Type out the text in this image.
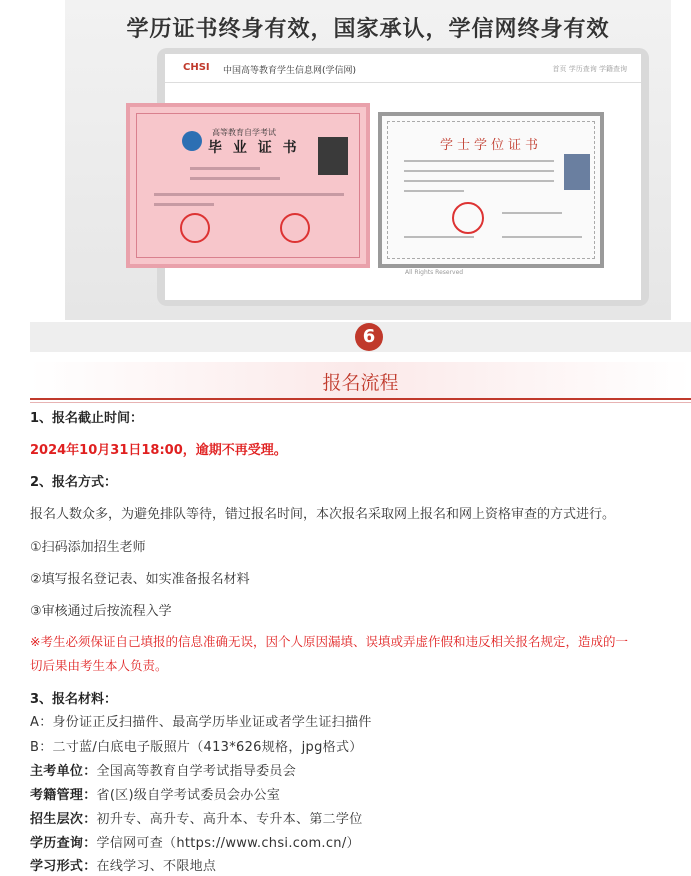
学历证书终身有效，国家承认，学信网终身有效
CHSI 中国高等教育学生信息网(学信网)	首页 学历查询 学籍查询
All Rights Reserved
高等教育自学考试
毕 业 证 书	学士学位证书
6
报名流程
1、报名截止时间：
2024年10月31日18:00，逾期不再受理。
2、报名方式：
报名人数众多，为避免排队等待，错过报名时间，本次报名采取网上报名和网上资格审查的方式进行。
①扫码添加招生老师
②填写报名登记表、如实准备报名材料
③审核通过后按流程入学
※考生必须保证自己填报的信息准确无误，因个人原因漏填、误填或弄虚作假和违反相关报名规定，造成的一
切后果由考生本人负责。
3、报名材料：
A：身份证正反扫描件、最高学历毕业证或者学生证扫描件
B：二寸蓝/白底电子版照片（413*626规格，jpg格式）
主考单位：全国高等教育自学考试指导委员会
考籍管理：省(区)级自学考试委员会办公室
招生层次：初升专、高升专、高升本、专升本、第二学位
学历查询：学信网可查（https://www.chsi.com.cn/）
学习形式：在线学习、不限地点
